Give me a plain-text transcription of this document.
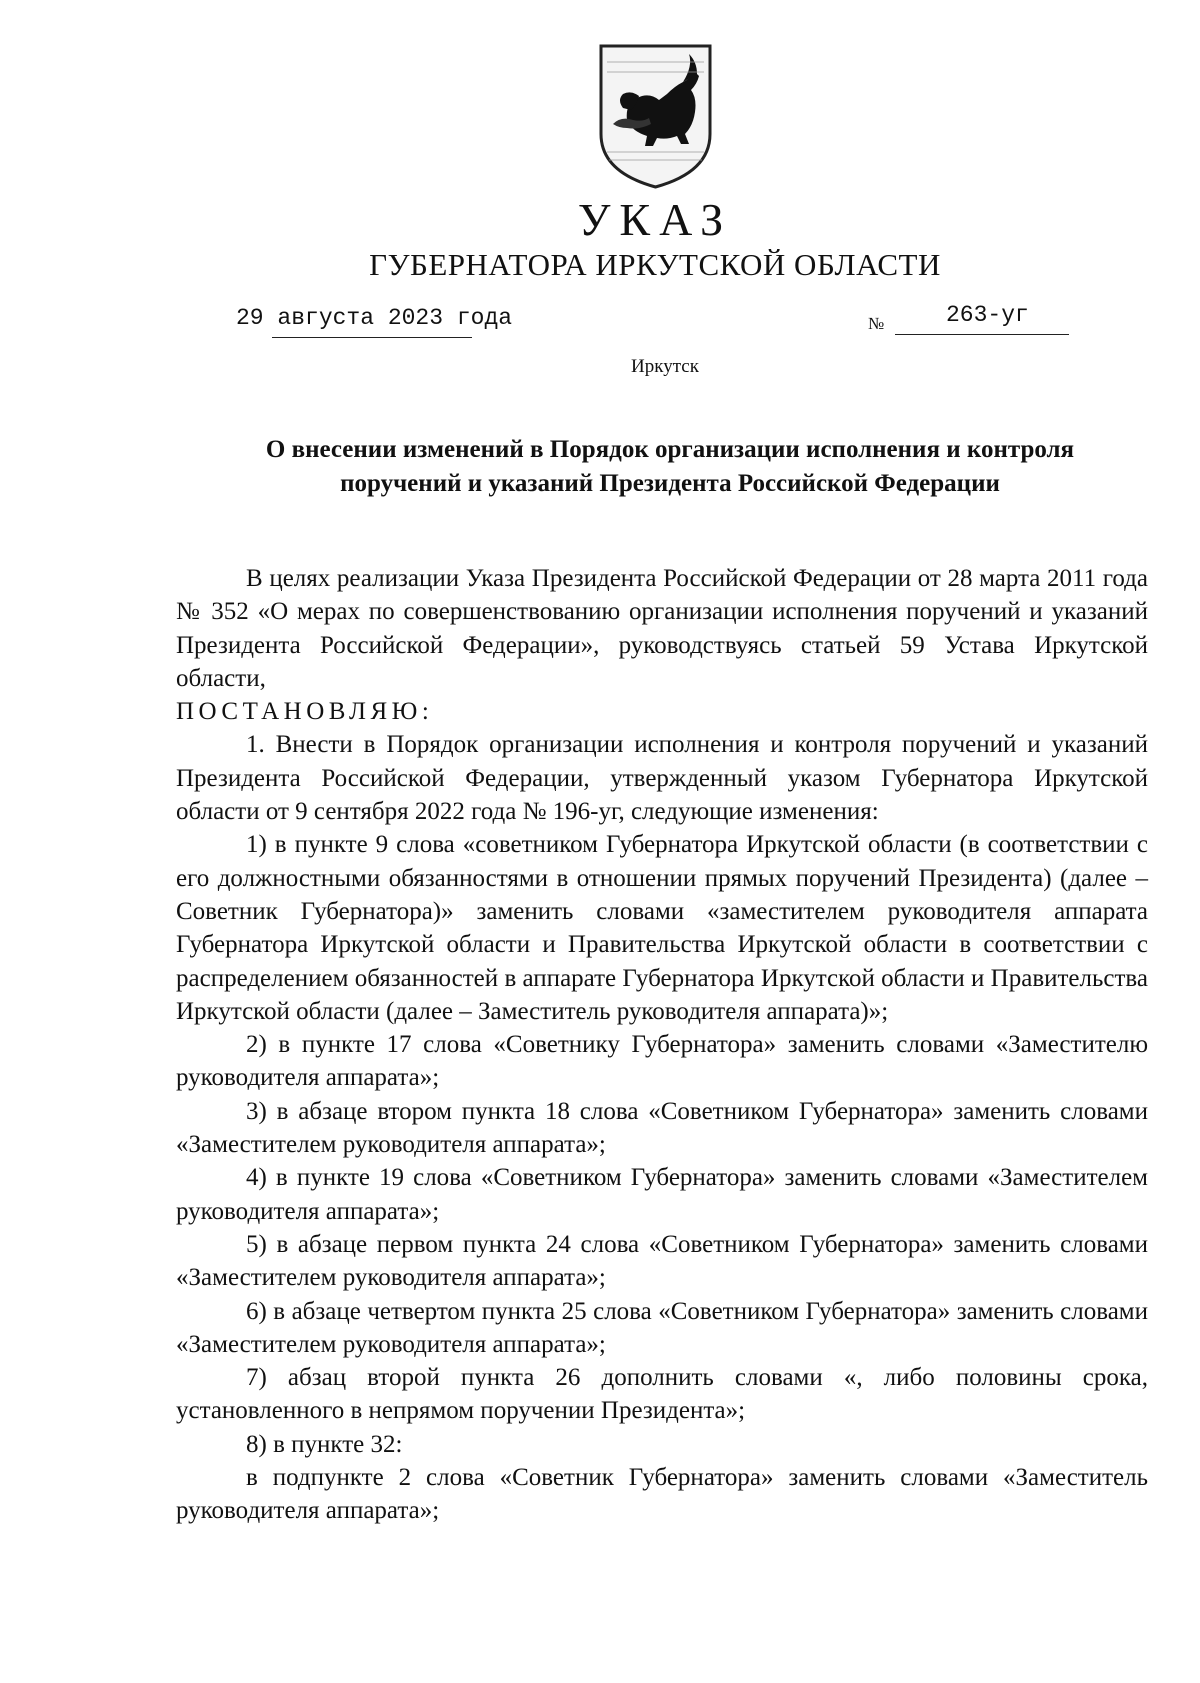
УКАЗ
ГУБЕРНАТОРА ИРКУТСКОЙ ОБЛАСТИ
29 августа 2023 года	№	263-уг
Иркутск
О внесении изменений в Порядок организации исполнения и контроля
поручений и указаний Президента Российской Федерации

В целях реализации Указа Президента Российской Федерации от 28 марта 2011 года № 352 «О мерах по совершенствованию организации исполнения поручений и указаний Президента Российской Федерации», руководствуясь статьей 59 Устава Иркутской области,

ПОСТАНОВЛЯЮ:

1. Внести в Порядок организации исполнения и контроля поручений и указаний Президента Российской Федерации, утвержденный указом Губернатора Иркутской области от 9 сентября 2022 года № 196-уг, следующие изменения:

1) в пункте 9 слова «советником Губернатора Иркутской области (в соответствии с его должностными обязанностями в отношении прямых поручений Президента) (далее – Советник Губернатора)» заменить словами «заместителем руководителя аппарата Губернатора Иркутской области и Правительства Иркутской области в соответствии с распределением обязанностей в аппарате Губернатора Иркутской области и Правительства Иркутской области (далее – Заместитель руководителя аппарата)»;

2) в пункте 17 слова «Советнику Губернатора» заменить словами «Заместителю руководителя аппарата»;

3) в абзаце втором пункта 18 слова «Советником Губернатора» заменить словами «Заместителем руководителя аппарата»;

4) в пункте 19 слова «Советником Губернатора» заменить словами «Заместителем руководителя аппарата»;

5) в абзаце первом пункта 24 слова «Советником Губернатора» заменить словами «Заместителем руководителя аппарата»;

6) в абзаце четвертом пункта 25 слова «Советником Губернатора» заменить словами «Заместителем руководителя аппарата»;

7) абзац второй пункта 26 дополнить словами «, либо половины срока, установленного в непрямом поручении Президента»;

8) в пункте 32:

в подпункте 2 слова «Советник Губернатора» заменить словами «Заместитель руководителя аппарата»;
